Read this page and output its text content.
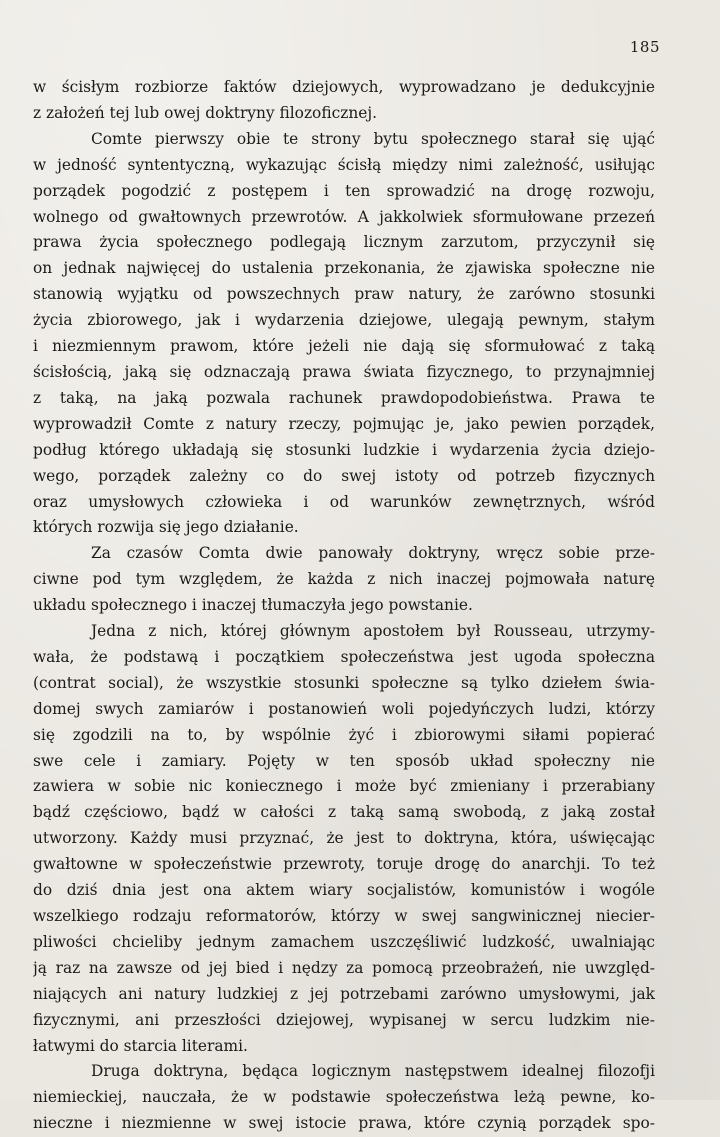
185
w ścisłym rozbiorze faktów dziejowych, wyprowadzano je dedukcyjnie
z założeń tej lub owej doktryny filozoficznej.
Comte pierwszy obie te strony bytu społecznego starał się ująć
w jedność syntentyczną, wykazując ścisłą między nimi zależność, usiłując
porządek pogodzić z postępem i ten sprowadzić na drogę rozwoju,
wolnego od gwałtownych przewrotów. A jakkolwiek sformułowane przezeń
prawa życia społecznego podlegają licznym zarzutom, przyczynił się
on jednak najwięcej do ustalenia przekonania, że zjawiska społeczne nie
stanowią wyjątku od powszechnych praw natury, że zarówno stosunki
życia zbiorowego, jak i wydarzenia dziejowe, ulegają pewnym, stałym
i niezmiennym prawom, które jeżeli nie dają się sformułować z taką
ścisłością, jaką się odznaczają prawa świata fizycznego, to przynajmniej
z taką, na jaką pozwala rachunek prawdopodobieństwa. Prawa te
wyprowadził Comte z natury rzeczy, pojmując je, jako pewien porządek,
podług którego układają się stosunki ludzkie i wydarzenia życia dziejo-
wego, porządek zależny co do swej istoty od potrzeb fizycznych
oraz umysłowych człowieka i od warunków zewnętrznych, wśród
których rozwija się jego działanie.
Za czasów Comta dwie panowały doktryny, wręcz sobie prze-
ciwne pod tym względem, że każda z nich inaczej pojmowała naturę
układu społecznego i inaczej tłumaczyła jego powstanie.
Jedna z nich, której głównym apostołem był Rousseau, utrzymy-
wała, że podstawą i początkiem społeczeństwa jest ugoda społeczna
(contrat social), że wszystkie stosunki społeczne są tylko dziełem świa-
domej swych zamiarów i postanowień woli pojedyńczych ludzi, którzy
się zgodzili na to, by wspólnie żyć i zbiorowymi siłami popierać
swe cele i zamiary. Pojęty w ten sposób układ społeczny nie
zawiera w sobie nic koniecznego i może być zmieniany i przerabiany
bądź częściowo, bądź w całości z taką samą swobodą, z jaką został
utworzony. Każdy musi przyznać, że jest to doktryna, która, uświęcając
gwałtowne w społeczeństwie przewroty, toruje drogę do anarchji. To też
do dziś dnia jest ona aktem wiary socjalistów, komunistów i wogóle
wszelkiego rodzaju reformatorów, którzy w swej sangwinicznej niecier-
pliwości chcieliby jednym zamachem uszczęśliwić ludzkość, uwalniając
ją raz na zawsze od jej bied i nędzy za pomocą przeobrażeń, nie uwzględ-
niających ani natury ludzkiej z jej potrzebami zarówno umysłowymi, jak
fizycznymi, ani przeszłości dziejowej, wypisanej w sercu ludzkim nie-
łatwymi do starcia literami.
Druga doktryna, będąca logicznym następstwem idealnej filozofji
niemieckiej, nauczała, że w podstawie społeczeństwa leżą pewne, ko-
nieczne i niezmienne w swej istocie prawa, które czynią porządek spo-
